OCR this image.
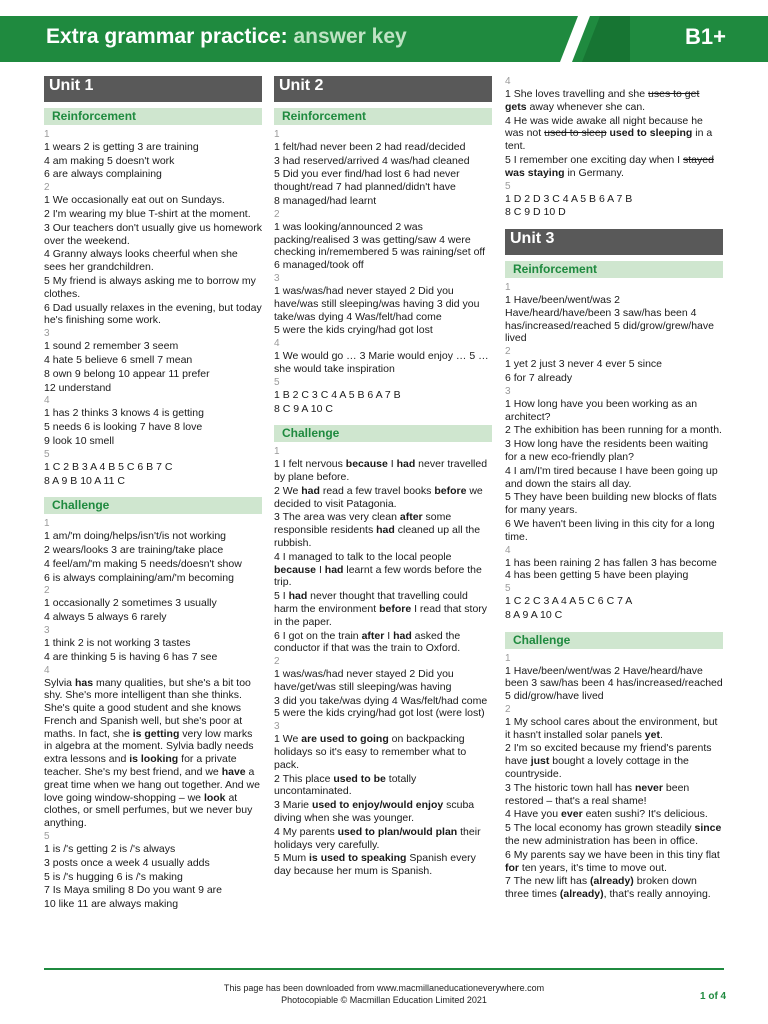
Extra grammar practice: answer key	B1+
Unit 1
Reinforcement
1
1 wears 2 is getting 3 are training
4 am making 5 doesn't work
6 are always complaining
2
1 We occasionally eat out on Sundays.
2 I'm wearing my blue T-shirt at the moment.
3 Our teachers don't usually give us homework over the weekend.
4 Granny always looks cheerful when she sees her grandchildren.
5 My friend is always asking me to borrow my clothes.
6 Dad usually relaxes in the evening, but today he's finishing some work.
3
1 sound 2 remember 3 seem
4 hate 5 believe 6 smell 7 mean
8 own 9 belong 10 appear 11 prefer
12 understand
4
1 has 2 thinks 3 knows 4 is getting
5 needs 6 is looking 7 have 8 love
9 look 10 smell
5
1 C 2 B 3 A 4 B 5 C 6 B 7 C
8 A 9 B 10 A 11 C
Challenge
1
1 am/'m doing/helps/isn't/is not working
2 wears/looks 3 are training/take place
4 feel/am/'m making 5 needs/doesn't show
6 is always complaining/am/'m becoming
2
1 occasionally 2 sometimes 3 usually
4 always 5 always 6 rarely
3
1 think 2 is not working 3 tastes
4 are thinking 5 is having 6 has 7 see
4
Sylvia has many qualities, but she's a bit too shy. She's more intelligent than she thinks. She's quite a good student and she knows French and Spanish well, but she's poor at maths. In fact, she is getting very low marks in algebra at the moment. Sylvia badly needs extra lessons and is looking for a private teacher. She's my best friend, and we have a great time when we hang out together. And we love going window-shopping – we look at clothes, or smell perfumes, but we never buy anything.
5
1 is /'s getting 2 is /'s always
3 posts once a week 4 usually adds
5 is /'s hugging 6 is /'s making
7 Is Maya smiling 8 Do you want 9 are
10 like 11 are always making
Unit 2
Reinforcement
1
1 felt/had never been 2 had read/decided
3 had reserved/arrived 4 was/had cleaned
5 Did you ever find/had lost 6 had never thought/read 7 had planned/didn't have
8 managed/had learnt
2
1 was looking/announced 2 was packing/realised 3 was getting/saw 4 were checking in/remembered 5 was raining/set off 6 managed/took off
3
1 was/was/had never stayed 2 Did you have/was still sleeping/was having 3 did you take/was dying 4 Was/felt/had come
5 were the kids crying/had got lost
4
1 We would go … 3 Marie would enjoy … 5 … she would take inspiration
5
1 B 2 C 3 C 4 A 5 B 6 A 7 B
8 C 9 A 10 C
Challenge
1
1 I felt nervous because I had never travelled by plane before.
2 We had read a few travel books before we decided to visit Patagonia.
3 The area was very clean after some responsible residents had cleaned up all the rubbish.
4 I managed to talk to the local people because I had learnt a few words before the trip.
5 I had never thought that travelling could harm the environment before I read that story in the paper.
6 I got on the train after I had asked the conductor if that was the train to Oxford.
2
1 was/was/had never stayed 2 Did you have/get/was still sleeping/was having
3 did you take/was dying 4 Was/felt/had come 5 were the kids crying/had got lost (were lost)
3
1 We are used to going on backpacking holidays so it's easy to remember what to pack.
2 This place used to be totally uncontaminated.
3 Marie used to enjoy/would enjoy scuba diving when she was younger.
4 My parents used to plan/would plan their holidays very carefully.
5 Mum is used to speaking Spanish every day because her mum is Spanish.
4
1 She loves travelling and she uses to get gets away whenever she can.
4 He was wide awake all night because he was not used to sleep used to sleeping in a tent.
5 I remember one exciting day when I stayed was staying in Germany.
5
1 D 2 D 3 C 4 A 5 B 6 A 7 B
8 C 9 D 10 D
Unit 3
Reinforcement
1
1 Have/been/went/was 2 Have/heard/have/been 3 saw/has been 4 has/increased/reached 5 did/grow/grew/have lived
2
1 yet 2 just 3 never 4 ever 5 since
6 for 7 already
3
1 How long have you been working as an architect?
2 The exhibition has been running for a month.
3 How long have the residents been waiting for a new eco-friendly plan?
4 I am/I'm tired because I have been going up and down the stairs all day.
5 They have been building new blocks of flats for many years.
6 We haven't been living in this city for a long time.
4
1 has been raining 2 has fallen 3 has become 4 has been getting 5 have been playing
5
1 C 2 C 3 A 4 A 5 C 6 C 7 A
8 A 9 A 10 C
Challenge
1
1 Have/been/went/was 2 Have/heard/have been 3 saw/has been 4 has/increased/reached 5 did/grow/have lived
2
1 My school cares about the environment, but it hasn't installed solar panels yet.
2 I'm so excited because my friend's parents have just bought a lovely cottage in the countryside.
3 The historic town hall has never been restored – that's a real shame!
4 Have you ever eaten sushi? It's delicious.
5 The local economy has grown steadily since the new administration has been in office.
6 My parents say we have been in this tiny flat for ten years, it's time to move out.
7 The new lift has (already) broken down three times (already), that's really annoying.
This page has been downloaded from www.macmillaneducationeverywhere.com
Photocopiable © Macmillan Education Limited 2021	1 of 4
